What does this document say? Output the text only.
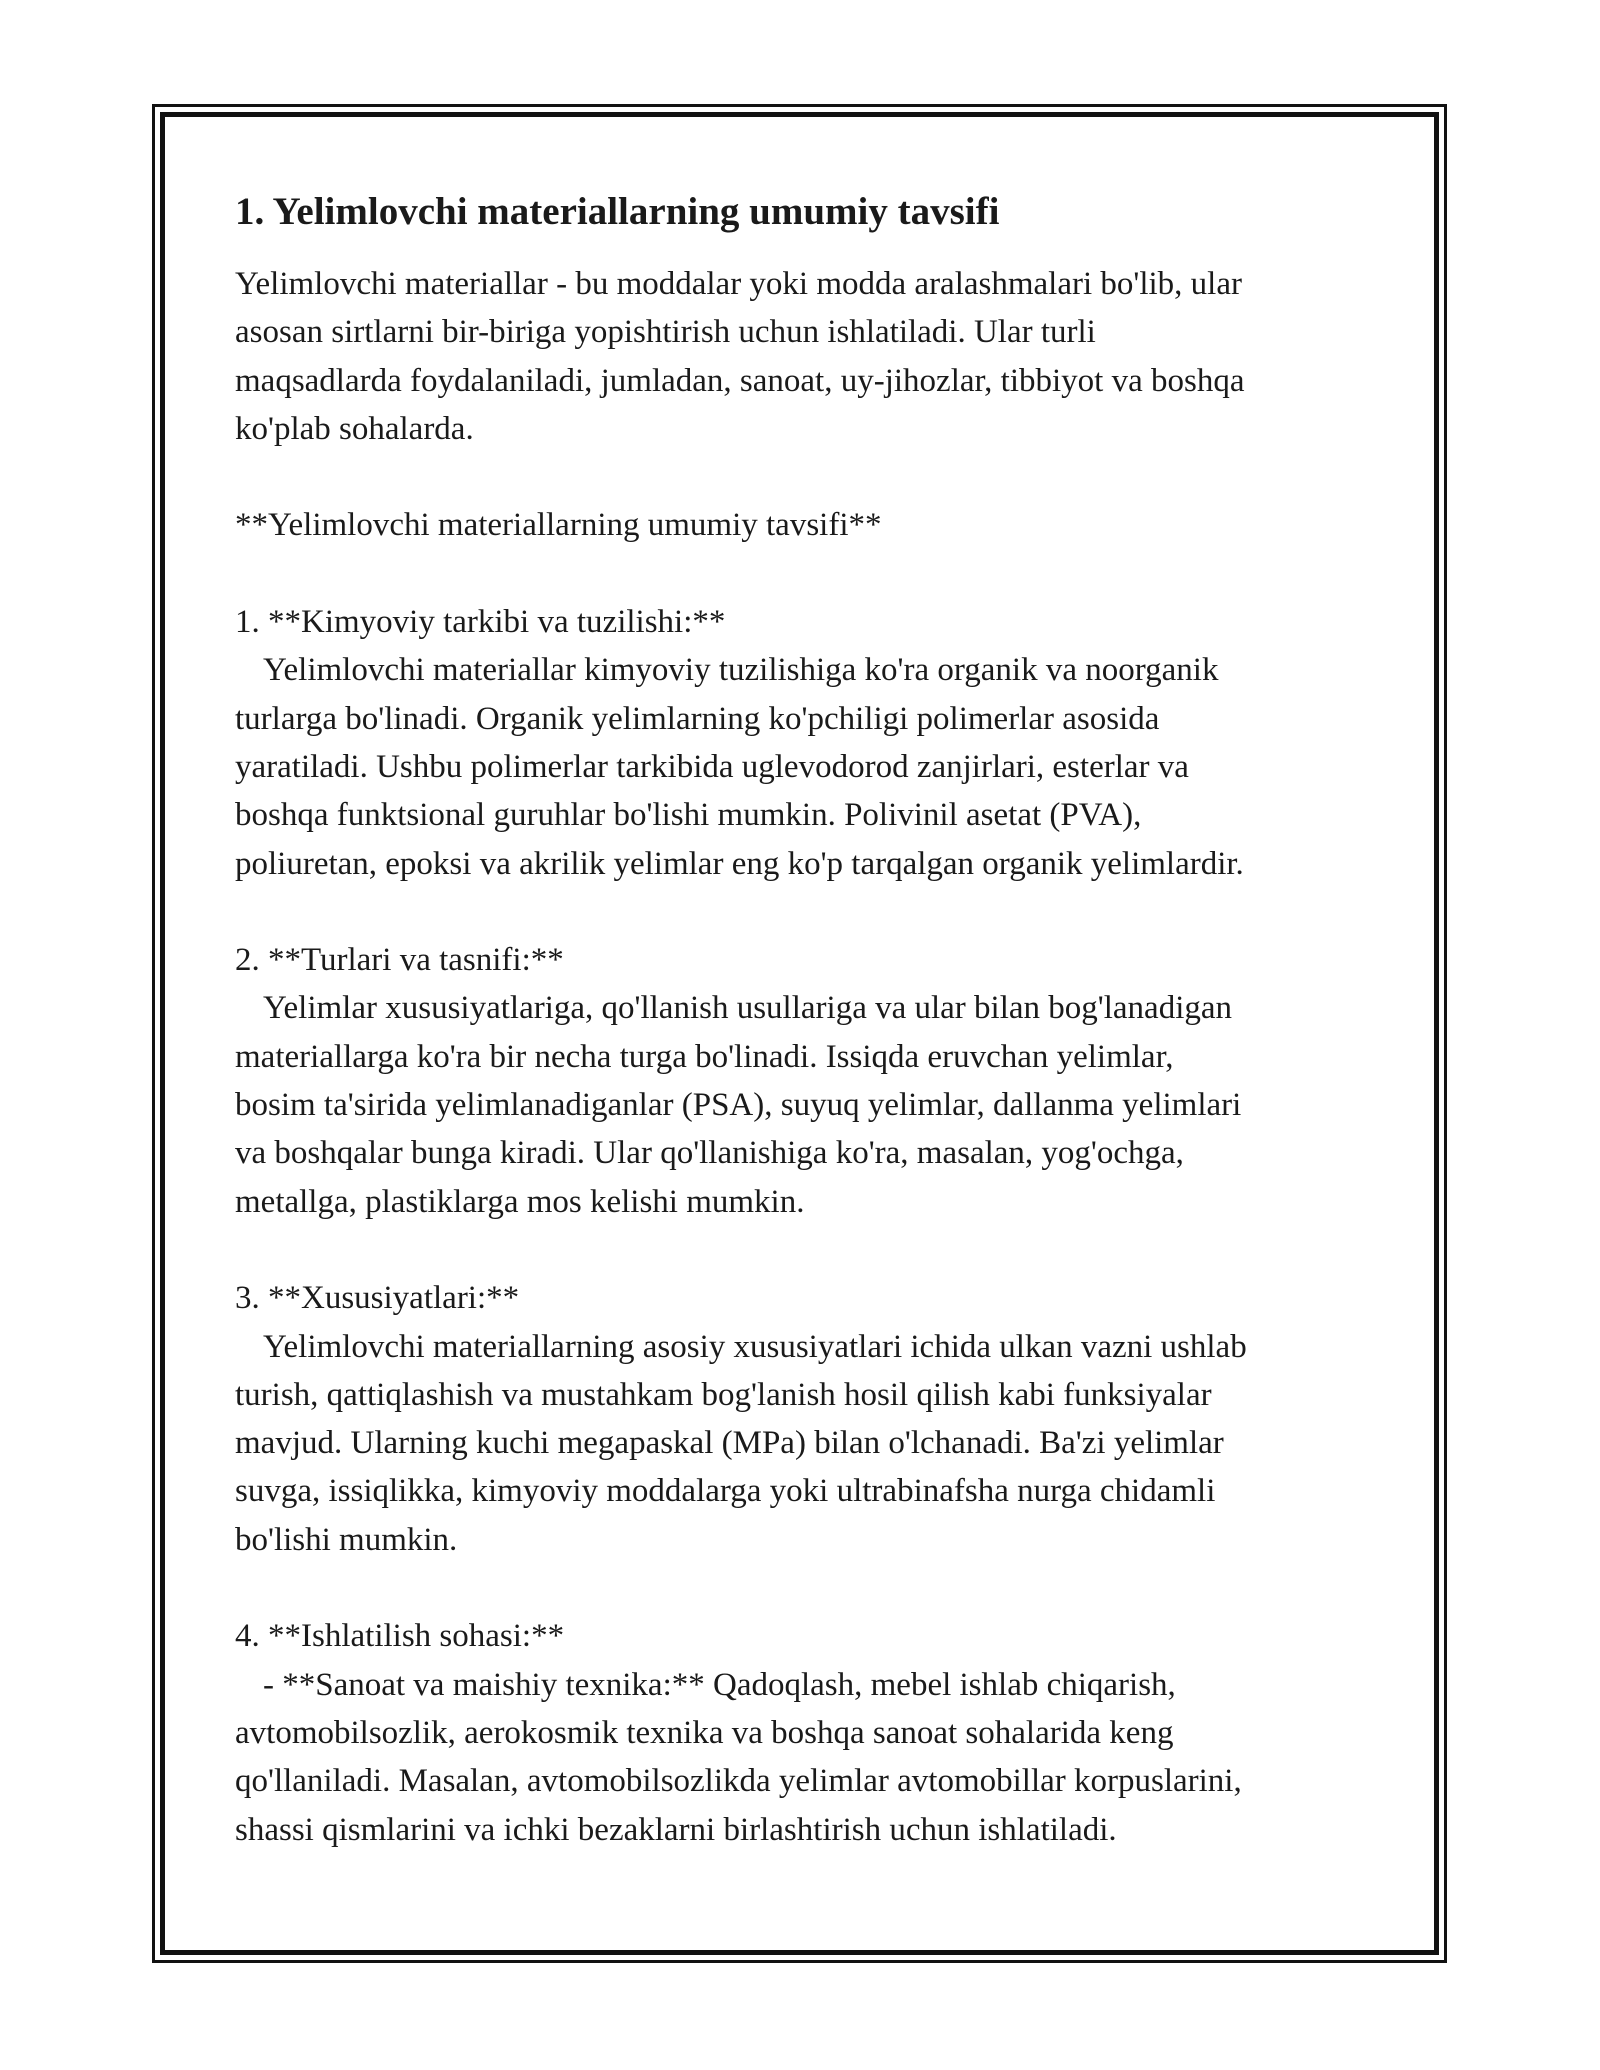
1. Yelimlovchi materiallarning umumiy tavsifi

Yelimlovchi materiallar - bu moddalar yoki modda aralashmalari bo'lib, ular

asosan sirtlarni bir-biriga yopishtirish uchun ishlatiladi. Ular turli

maqsadlarda foydalaniladi, jumladan, sanoat, uy-jihozlar, tibbiyot va boshqa

ko'plab sohalarda.

**Yelimlovchi materiallarning umumiy tavsifi**

1. **Kimyoviy tarkibi va tuzilishi:**

Yelimlovchi materiallar kimyoviy tuzilishiga ko'ra organik va noorganik

turlarga bo'linadi. Organik yelimlarning ko'pchiligi polimerlar asosida

yaratiladi. Ushbu polimerlar tarkibida uglevodorod zanjirlari, esterlar va

boshqa funktsional guruhlar bo'lishi mumkin. Polivinil asetat (PVA),

poliuretan, epoksi va akrilik yelimlar eng ko'p tarqalgan organik yelimlardir.

2. **Turlari va tasnifi:**

Yelimlar xususiyatlariga, qo'llanish usullariga va ular bilan bog'lanadigan

materiallarga ko'ra bir necha turga bo'linadi. Issiqda eruvchan yelimlar,

bosim ta'sirida yelimlanadiganlar (PSA), suyuq yelimlar, dallanma yelimlari

va boshqalar bunga kiradi. Ular qo'llanishiga ko'ra, masalan, yog'ochga,

metallga, plastiklarga mos kelishi mumkin.

3. **Xususiyatlari:**

Yelimlovchi materiallarning asosiy xususiyatlari ichida ulkan vazni ushlab

turish, qattiqlashish va mustahkam bog'lanish hosil qilish kabi funksiyalar

mavjud. Ularning kuchi megapaskal (MPa) bilan o'lchanadi. Ba'zi yelimlar

suvga, issiqlikka, kimyoviy moddalarga yoki ultrabinafsha nurga chidamli

bo'lishi mumkin.

4. **Ishlatilish sohasi:**

- **Sanoat va maishiy texnika:** Qadoqlash, mebel ishlab chiqarish,

avtomobilsozlik, aerokosmik texnika va boshqa sanoat sohalarida keng

qo'llaniladi. Masalan, avtomobilsozlikda yelimlar avtomobillar korpuslarini,

shassi qismlarini va ichki bezaklarni birlashtirish uchun ishlatiladi.
